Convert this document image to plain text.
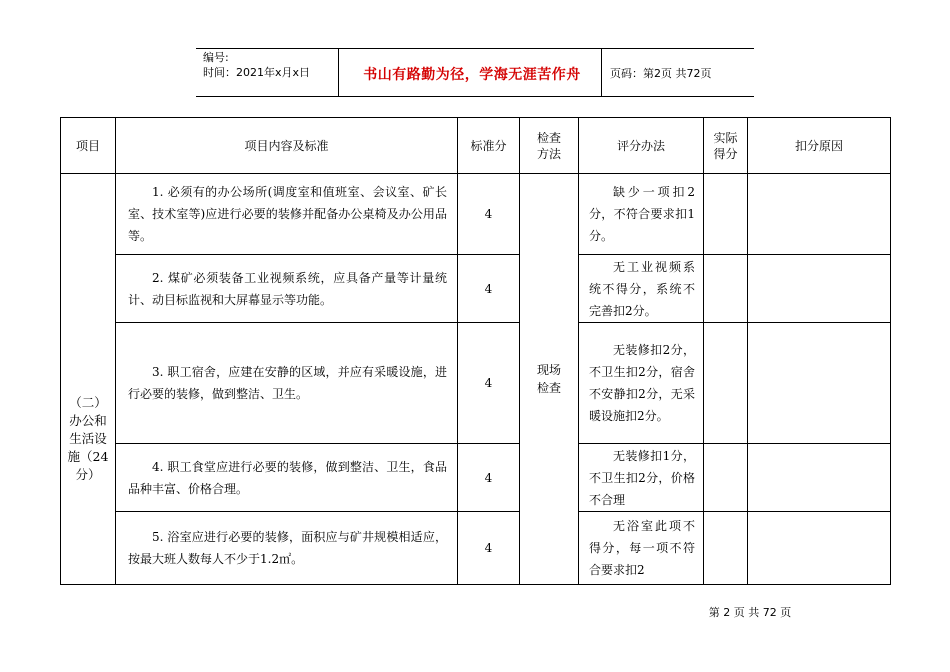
编号:
时间：2021年x月x日	书山有路勤为径，学海无涯苦作舟	页码：第2页 共72页
项目	项目内容及标准	标准分	检查方法	评分办法	实际得分	扣分原因

（二）办公和生活设施（24分）	1. 必须有的办公场所(调度室和值班室、会议室、矿长室、技术室等)应进行必要的装修并配备办公桌椅及办公用品等。	4	现场检查	缺少一项扣2分，不符合要求扣1分。		

	2. 煤矿必须装备工业视频系统，应具备产量等计量统计、动目标监视和大屏幕显示等功能。	4		无工业视频系统不得分，系统不完善扣2分。		

	3. 职工宿舍，应建在安静的区域，并应有采暖设施，进行必要的装修，做到整洁、卫生。	4		无装修扣2分，不卫生扣2分，宿舍不安静扣2分，无采暖设施扣2分。		

	4. 职工食堂应进行必要的装修，做到整洁、卫生，食品品种丰富、价格合理。	4		无装修扣1分，不卫生扣2分，价格不合理		

	5. 浴室应进行必要的装修，面积应与矿井规模相适应，按最大班人数每人不少于1.2㎡。	4		无浴室此项不得分，每一项不符合要求扣2		
第 2 页 共 72 页
